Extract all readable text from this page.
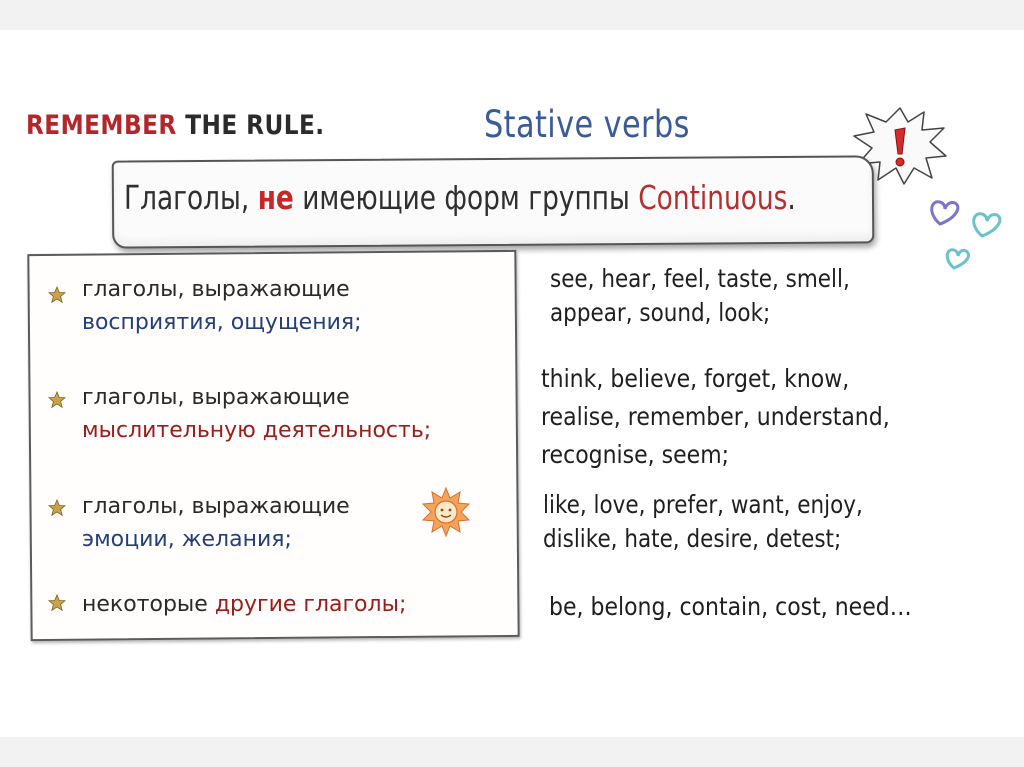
REMEMBER THE RULE.	Stative verbs
Глаголы, не имеющие форм группы Continuous.
глаголы, выражающие
восприятия, ощущения;
глаголы, выражающие
мыслительную деятельность;
глаголы, выражающие
эмоции, желания;
некоторые другие глаголы;
see, hear, feel, taste, smell,
appear, sound, look;
think, believe, forget, know,
realise, remember, understand,
recognise, seem;
like, love, prefer, want, enjoy,
dislike, hate, desire, detest;
be, belong, contain, cost, need…
